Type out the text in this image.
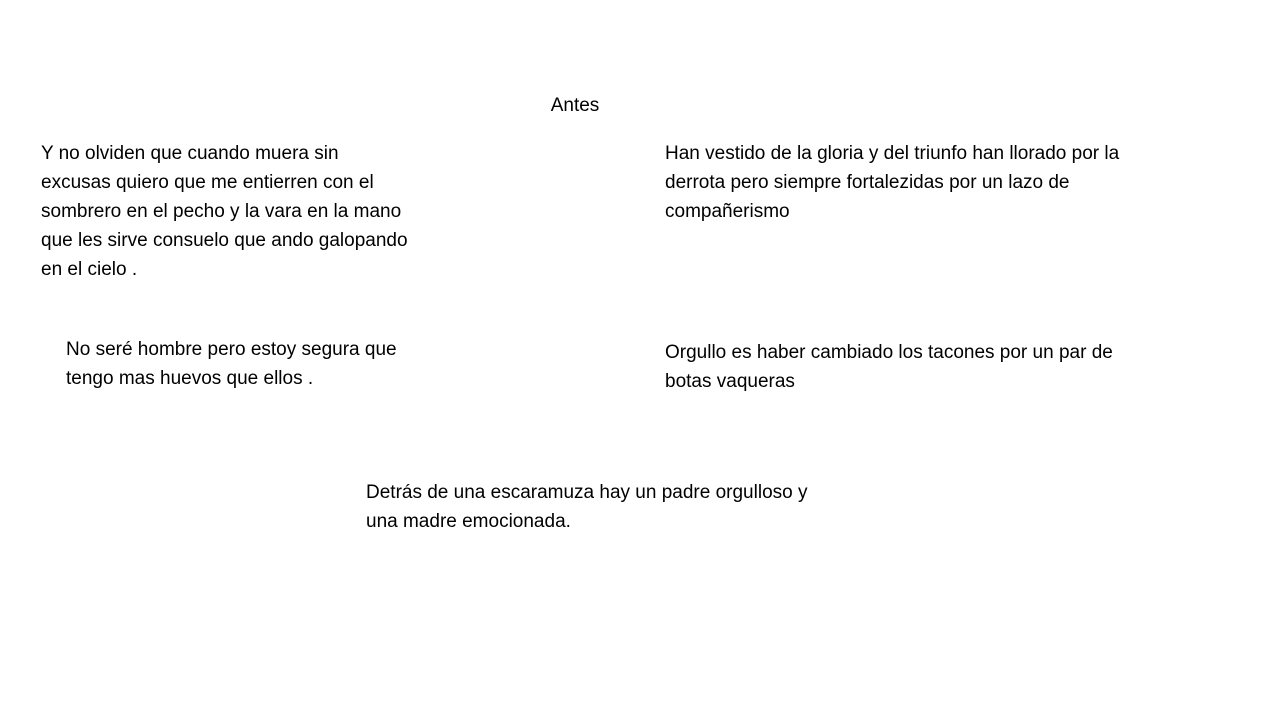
Antes
Y no olviden que cuando muera sin
excusas quiero que me entierren con el
sombrero en el pecho y la vara en la mano
que les sirve consuelo que ando galopando
en el cielo .
Han vestido de la gloria y del triunfo han llorado por la
derrota pero siempre fortalezidas por un lazo de
compañerismo
No seré hombre pero estoy segura que
tengo mas huevos que ellos .
Orgullo es haber cambiado los tacones por un par de
botas vaqueras
Detrás de una escaramuza hay un padre orgulloso y
una madre emocionada.
